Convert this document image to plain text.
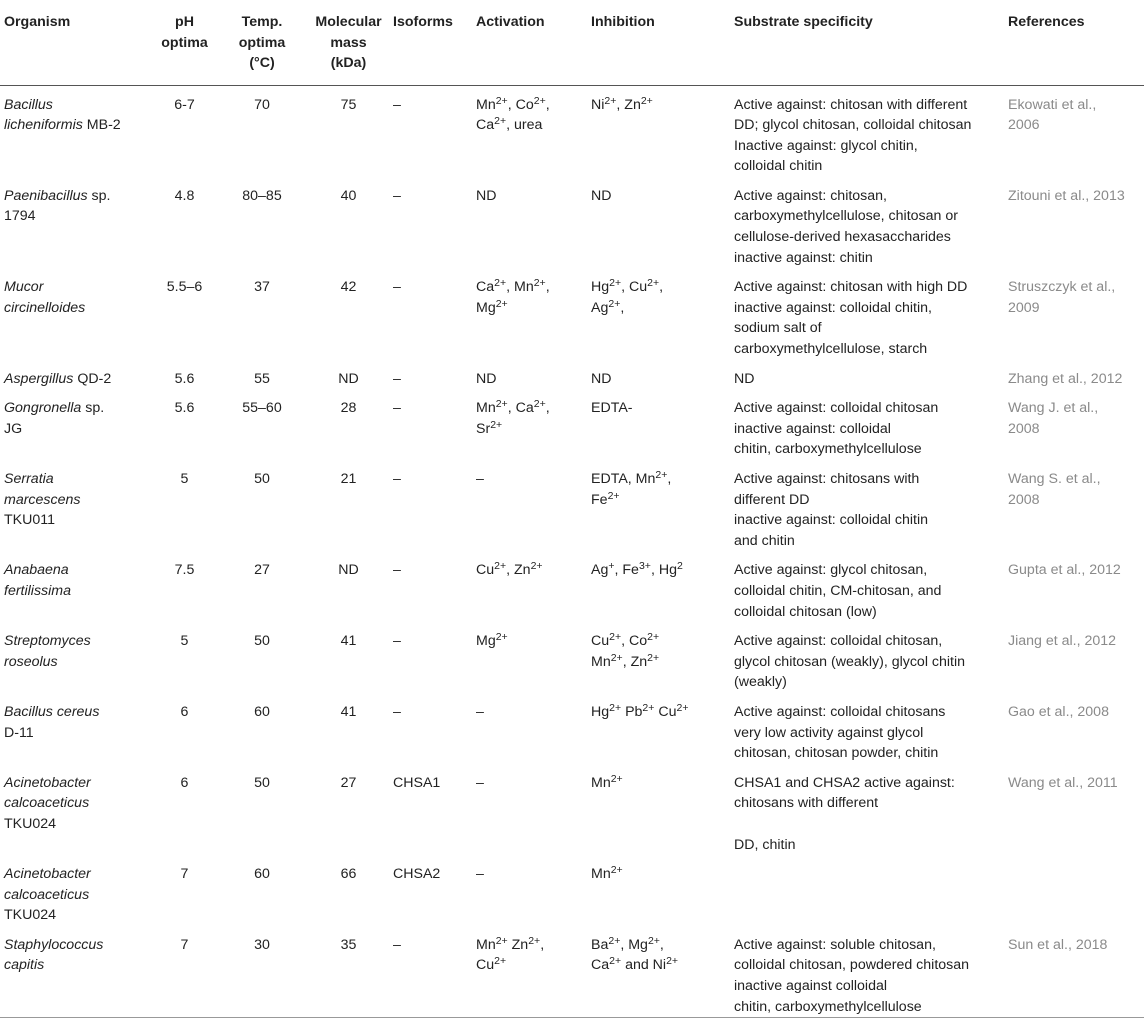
Organism	pH
optima	Temp.
optima
(°C)	Molecular
mass
(kDa)	Isoforms	Activation	Inhibition	Substrate specificity	References
Bacillus
licheniformis MB-2	6-7	70	75	–	$Mn^{2+}$, $Co^{2+}$,
$Ca^{2+}$, urea	$Ni^{2+}$, $Zn^{2+}$	Active against: chitosan with different
DD; glycol chitosan, colloidal chitosan
Inactive against: glycol chitin,
colloidal chitin	Ekowati et al.,
2006
Paenibacillus sp.
1794	4.8	80–85	40	–	ND	ND	Active against: chitosan,
carboxymethylcellulose, chitosan or
cellulose-derived hexasaccharides
inactive against: chitin	Zitouni et al., 2013
Mucor
circinelloides	5.5–6	37	42	–	$Ca^{2+}$, $Mn^{2+}$,
$Mg^{2+}$	$Hg^{2+}$, $Cu^{2+}$,
$Ag^{2+}$,	Active against: chitosan with high DD
inactive against: colloidal chitin,
sodium salt of
carboxymethylcellulose, starch	Struszczyk et al.,
2009
Aspergillus QD-2	5.6	55	ND	–	ND	ND	ND	Zhang et al., 2012
Gongronella sp.
JG	5.6	55–60	28	–	$Mn^{2+}$, $Ca^{2+}$,
$Sr^{2+}$	EDTA-	Active against: colloidal chitosan
inactive against: colloidal
chitin, carboxymethylcellulose	Wang J. et al.,
2008
Serratia
marcescens
TKU011	5	50	21	–	–	EDTA, $Mn^{2+}$,
$Fe^{2+}$	Active against: chitosans with
different DD
inactive against: colloidal chitin
and chitin	Wang S. et al.,
2008
Anabaena
fertilissima	7.5	27	ND	–	$Cu^{2+}$, $Zn^{2+}$	Ag+, $Fe^{3+}$, Hg$^2$	Active against: glycol chitosan,
colloidal chitin, CM-chitosan, and
colloidal chitosan (low)	Gupta et al., 2012
Streptomyces
roseolus	5	50	41	–	$Mg^{2+}$	$Cu^{2+}$, $Co^{2+}$
$Mn^{2+}$, $Zn^{2+}$	Active against: colloidal chitosan,
glycol chitosan (weakly), glycol chitin
(weakly)	Jiang et al., 2012
Bacillus cereus
D-11	6	60	41	–	–	$Hg^{2+}$ $Pb^{2+}$ $Cu^{2+}$	Active against: colloidal chitosans
very low activity against glycol
chitosan, chitosan powder, chitin	Gao et al., 2008
Acinetobacter
calcoaceticus
TKU024	6	50	27	CHSA1	–	$Mn^{2+}$	CHSA1 and CHSA2 active against:
chitosans with different

DD, chitin	Wang et al., 2011
Acinetobacter
calcoaceticus
TKU024	7	60	66	CHSA2	–	$Mn^{2+}$		
Staphylococcus
capitis	7	30	35	–	$Mn^{2+}$ $Zn^{2+}$,
$Cu^{2+}$	$Ba^{2+}$, $Mg^{2+}$,
$Ca^{2+}$ and $Ni^{2+}$	Active against: soluble chitosan,
colloidal chitosan, powdered chitosan
inactive against colloidal
chitin, carboxymethylcellulose	Sun et al., 2018
